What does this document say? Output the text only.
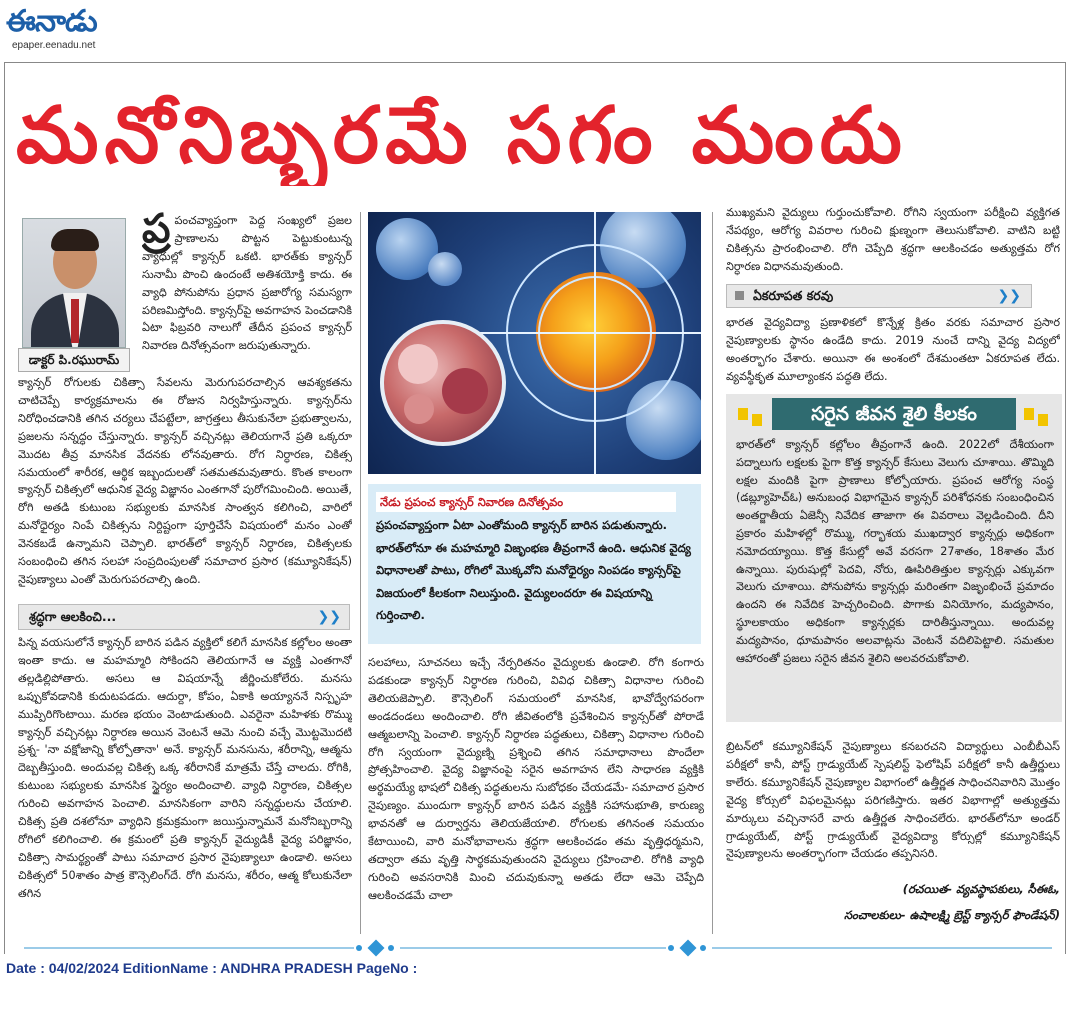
ఈనాడు
epaper.eenadu.net
మనోనిబ్బరమే సగం మందు
డాక్టర్‌ పి.రఘురామ్‌
ప్ర పంచవ్యాప్తంగా పెద్ద సంఖ్యలో ప్రజల ప్రాణాలను పొట్టన పెట్టుకుంటున్న వ్యాధుల్లో క్యాన్సర్‌ ఒకటి. భారత్‌కు క్యాన్సర్‌ సునామీ పొంచి ఉందంటే అతిశయోక్తి కాదు. ఈ వ్యాధి పోనుపోను ప్రధాన ప్రజారోగ్య సమస్యగా పరిణమిస్తోంది. క్యాన్సర్‌పై అవగాహన పెంచడానికి ఏటా ఫిబ్రవరి నాలుగో తేదీన ప్రపంచ క్యాన్సర్‌ నివారణ దినోత్సవంగా జరుపుతున్నారు.
క్యాన్సర్‌ రోగులకు చికిత్సా సేవలను మెరుగుపరచాల్సిన ఆవశ్యకతను చాటిచెప్పే కార్యక్రమాలను ఈ రోజున నిర్వహిస్తున్నారు. క్యాన్సర్‌ను నిరోధించడానికి తగిన చర్యలు చేపట్టేలా, జాగ్రత్తలు తీసుకునేలా ప్రభుత్వాలను, ప్రజలను సన్నద్ధం చేస్తున్నారు. క్యాన్సర్‌ వచ్చినట్లు తెలియగానే ప్రతి ఒక్కరూ మొదట తీవ్ర మానసిక వేదనకు లోనవుతారు. రోగ నిర్ధారణ, చికిత్స సమయంలో శారీరక, ఆర్థిక ఇబ్బందులతో సతమతమవుతారు. కొంత కాలంగా క్యాన్సర్‌ చికిత్సలో ఆధునిక వైద్య విజ్ఞానం ఎంతగానో పురోగమించింది. అయితే, రోగి అతడి కుటుంబ సభ్యులకు మానసిక సాంత్వన కలిగించి, వారిలో మనోధైర్యం నింపే చికిత్సను నిర్దిష్టంగా పూర్తిచేసే విషయంలో మనం ఎంతో వెనకబడే ఉన్నామని చెప్పాలి. భారత్‌లో క్యాన్సర్‌ నిర్ధారణ, చికిత్సలకు సంబంధించి తగిన సలహా సంప్రదింపులతో సమాచార ప్రసార (కమ్యూనికేషన్‌) నైపుణ్యాలు ఎంతో మెరుగుపరచాల్సి ఉంది.
శ్రద్ధగా ఆలకించి...	❯❯
పిన్న వయసులోనే క్యాన్సర్‌ బారిన పడిన వ్యక్తిలో కలిగే మానసిక కల్లోలం అంతా ఇంతా కాదు. ఆ మహమ్మారి సోకిందని తెలియగానే ఆ వ్యక్తి ఎంతగానో తల్లడిల్లిపోతారు. అసలు ఆ విషయాన్నే జీర్ణించుకోలేరు. మనసు ఒప్పుకోవడానికి కుదుటపడదు. ఆదుర్దా, కోపం, ఏకాకి అయ్యాననే నిస్పృహ ముప్పిరిగొంటాయి. మరణ భయం వెంటాడుతుంది. ఎవరైనా మహిళకు రొమ్ము క్యాన్సర్‌ వచ్చినట్లు నిర్ధారణ అయిన వెంటనే ఆమె నుంచి వచ్చే మొట్టమొదటి ప్రశ్న- 'నా వక్షోజాన్ని కోల్పోతానా' అనే. క్యాన్సర్‌ మనసును, శరీరాన్ని, ఆత్మను దెబ్బతీస్తుంది. అందువల్ల చికిత్స ఒక్క శరీరానికే మాత్రమే చేస్తే చాలదు. రోగికి, కుటుంబ సభ్యులకు మానసిక స్థైర్యం అందించాలి. వ్యాధి నిర్ధారణ, చికిత్సల గురించి అవగాహన పెంచాలి. మానసికంగా వారిని సన్నద్ధులను చేయాలి. చికిత్స ప్రతి దశలోనూ వ్యాధిని క్రమక్రమంగా జయిస్తున్నామనే మనోనిబ్బరాన్ని రోగిలో కలిగించాలి. ఈ క్రమంలో ప్రతి క్యాన్సర్‌ వైద్యుడికీ వైద్య పరిజ్ఞానం, చికిత్సా సామర్థ్యంతో పాటు సమాచార ప్రసార నైపుణ్యాలూ ఉండాలి. అసలు చికిత్సలో 50శాతం పాత్ర కౌన్సెలింగ్‌దే. రోగి మనసు, శరీరం, ఆత్మ కోలుకునేలా తగిన
నేడు ప్రపంచ క్యాన్సర్‌ నివారణ దినోత్సవం
ప్రపంచవ్యాప్తంగా ఏటా ఎంతోమంది క్యాన్సర్‌ బారిన పడుతున్నారు. భారత్‌లోనూ ఈ మహమ్మారి విజృంభణ తీవ్రంగానే ఉంది. ఆధునిక వైద్య విధానాలతో పాటు, రోగిలో మొక్కవోని మనోధైర్యం నింపడం క్యాన్సర్‌పై విజయంలో కీలకంగా నిలుస్తుంది. వైద్యులందరూ ఈ విషయాన్ని గుర్తించాలి.
సలహాలు, సూచనలు ఇచ్చే నేర్పరితనం వైద్యులకు ఉండాలి. రోగి కంగారు పడకుండా క్యాన్సర్‌ నిర్ధారణ గురించి, వివిధ చికిత్సా విధానాల గురించి తెలియజెప్పాలి. కౌన్సెలింగ్‌ సమయంలో మానసిక, భావోద్వేగపరంగా అండదండలు అందించాలి. రోగి జీవితంలోకి ప్రవేశించిన క్యాన్సర్‌తో పోరాడే ఆత్మబలాన్ని పెంచాలి. క్యాన్సర్‌ నిర్ధారణ పద్ధతులు, చికిత్సా విధానాల గురించి రోగి స్వయంగా వైద్యుణ్ని ప్రశ్నించి తగిన సమాధానాలు పొందేలా ప్రోత్సహించాలి. వైద్య విజ్ఞానంపై సరైన అవగాహన లేని సాధారణ వ్యక్తికి అర్థమయ్యే భాషలో చికిత్స పద్ధతులను సుబోధకం చేయడమే- సమాచార ప్రసార నైపుణ్యం. ముందుగా క్యాన్సర్‌ బారిన పడిన వ్యక్తికి సహానుభూతి, కారుణ్య భావనతో ఆ దుర్వార్తను తెలియజేయాలి. రోగులకు తగినంత సమయం కేటాయించి, వారి మనోభావాలను శ్రద్ధగా ఆలకించడం తమ వృత్తిధర్మమని, తద్వారా తమ వృత్తి సార్థకమవుతుందని వైద్యులు గ్రహించాలి. రోగికి వ్యాధి గురించి అవసరానికి మించి చదువుకున్నా అతడు లేదా ఆమె చెప్పేది ఆలకించడమే చాలా
ముఖ్యమని వైద్యులు గుర్తుంచుకోవాలి. రోగిని స్వయంగా పరీక్షించి వ్యక్తిగత నేపథ్యం, ఆరోగ్య వివరాల గురించి క్షుణ్నంగా తెలుసుకోవాలి. వాటిని బట్టి చికిత్సను ప్రారంభించాలి. రోగి చెప్పేది శ్రద్ధగా ఆలకించడం అత్యుత్తమ రోగ నిర్ధారణ విధానమవుతుంది.
ఏకరూపత కరవు	❯❯
భారత వైద్యవిద్యా ప్రణాళికలో కొన్నేళ్ల క్రితం వరకు సమాచార ప్రసార నైపుణ్యాలకు స్థానం ఉండేది కాదు. 2019 నుంచే దాన్ని వైద్య విద్యలో అంతర్భాగం చేశారు. అయినా ఈ అంశంలో దేశమంతటా ఏకరూపత లేదు. వ్యవస్థీకృత మూల్యాంకన పద్ధతి లేదు.
సరైన జీవన శైలి కీలకం
భారత్‌లో క్యాన్సర్‌ కల్లోలం తీవ్రంగానే ఉంది. 2022లో దేశీయంగా పద్నాలుగు లక్షలకు పైగా కొత్త క్యాన్సర్‌ కేసులు వెలుగు చూశాయి. తొమ్మిది లక్షల మందికి పైగా ప్రాణాలు కోల్పోయారు. ప్రపంచ ఆరోగ్య సంస్థ (డబ్ల్యూహెచ్‌ఓ) అనుబంధ విభాగమైన క్యాన్సర్‌ పరిశోధనకు సంబంధించిన అంతర్జాతీయ ఏజెన్సీ నివేదిక తాజాగా ఈ వివరాలు వెల్లడించింది. దీని ప్రకారం మహిళల్లో రొమ్ము, గర్భాశయ ముఖద్వార క్యాన్సర్లు అధికంగా నమోదయ్యాయి. కొత్త కేసుల్లో అవే వరసగా 27శాతం, 18శాతం మేర ఉన్నాయి. పురుషుల్లో పెదవి, నోరు, ఊపిరితిత్తుల క్యాన్సర్లు ఎక్కువగా వెలుగు చూశాయి. పోనుపోను క్యాన్సర్లు మరింతగా విజృంభించే ప్రమాదం ఉందని ఈ నివేదిక హెచ్చరించింది. పొగాకు వినియోగం, మద్యపానం, స్థూలకాయం అధికంగా క్యాన్సర్లకు దారితీస్తున్నాయి. అందువల్ల మద్యపానం, ధూమపానం అలవాట్లను వెంటనే వదిలిపెట్టాలి. సమతుల ఆహారంతో ప్రజలు సరైన జీవన శైలిని అలవరచుకోవాలి.
బ్రిటన్‌లో కమ్యూనికేషన్‌ నైపుణ్యాలు కనబరచని విద్యార్థులు ఎంబీబీఎస్‌ పరీక్షలో కానీ, పోస్ట్‌ గ్రాడ్యుయేట్‌ స్పెషలిస్ట్‌ ఫెలోషిప్‌ పరీక్షలో కానీ ఉత్తీర్ణులు కాలేరు. కమ్యూనికేషన్‌ నైపుణ్యాల విభాగంలో ఉత్తీర్ణత సాధించనివారిని మొత్తం వైద్య కోర్సులో విఫలమైనట్లు పరిగణిస్తారు. ఇతర విభాగాల్లో అత్యుత్తమ మార్కులు వచ్చినాసరే వారు ఉత్తీర్ణత సాధించలేరు. భారత్‌లోనూ అండర్‌ గ్రాడ్యుయేట్‌, పోస్ట్‌ గ్రాడ్యుయేట్‌ వైద్యవిద్యా కోర్సుల్లో కమ్యూనికేషన్‌ నైపుణ్యాలను అంతర్భాగంగా చేయడం తప్పనిసరి.
(రచయిత- వ్యవస్థాపకులు, సీఈఓ,
సంచాలకులు- ఉషాలక్ష్మి బ్రెస్ట్‌ క్యాన్సర్‌ ఫౌండేషన్‌)
Date : 04/02/2024 EditionName : ANDHRA PRADESH PageNo :
